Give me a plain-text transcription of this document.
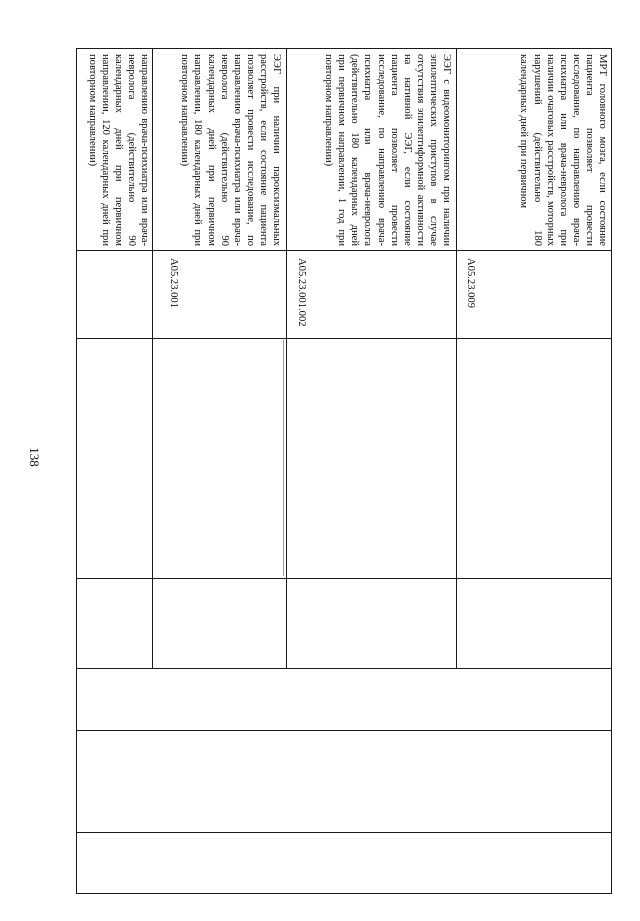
138
направлению врача-психиатра или врача-невролога (действительно 90 календарных дней при первичном направлении, 120 календарных дней при повторном направлении)
A05.23.001
ЭЭГ при наличии пароксизмальных расстройств, если состояние пациента позволяет провести исследование, по направлению врача-психиатра или врача-невролога (действительно 90 календарных дней при первичном направлении, 180 календарных дней при повторном направлении)
A05.23.001.002
ЭЭГ с видеомониторингом при наличии эпилептических приступов в случае отсутствия эпилептиформной активности на нативной ЭЭГ, если состояние пациента позволяет провести исследование, по направлению врача-психиатра или врача-невролога (действительно 180 календарных дней при первичном направлении, 1 год при повторном направлении)
A05.23.009
МРТ головного мозга, если состояние пациента позволяет провести исследование, по направлению врача-психиатра или врача-невролога при наличии очаговых расстройств, моторных нарушений (действительно 180 календарных дней при первичном
